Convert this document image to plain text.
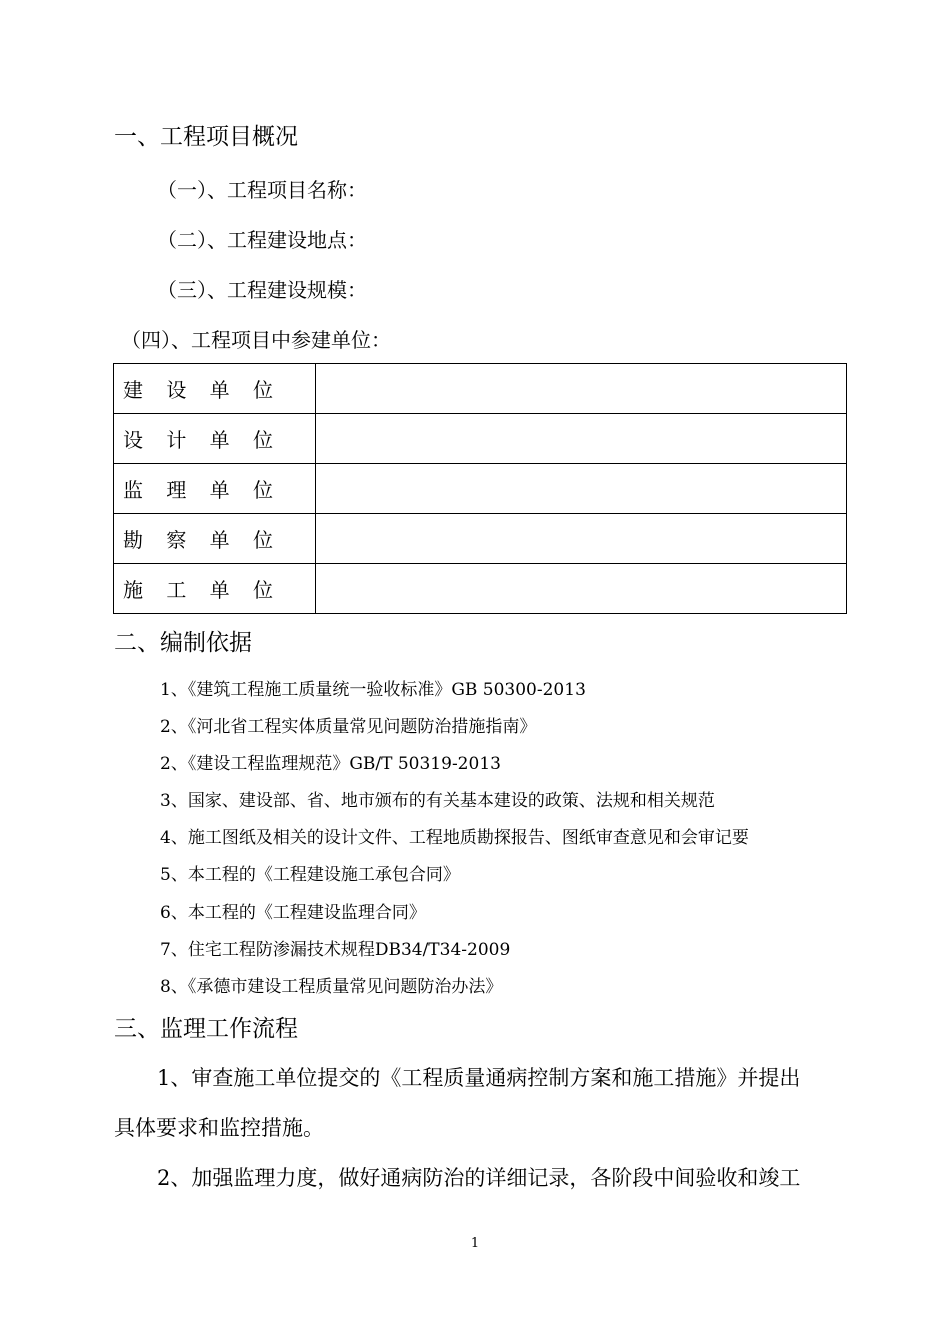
一、工程项目概况
（一）、工程项目名称：
（二）、工程建设地点：
（三）、工程建设规模：
（四）、工程项目中参建单位：
建 设 单 位	

设 计 单 位	

监 理 单 位	

勘 察 单 位	

施 工 单 位	

二、编制依据
1、《建筑工程施工质量统一验收标准》GB 50300-2013
2、《河北省工程实体质量常见问题防治措施指南》
2、《建设工程监理规范》GB/T 50319-2013
3、国家、建设部、省、地市颁布的有关基本建设的政策、法规和相关规范
4、施工图纸及相关的设计文件、工程地质勘探报告、图纸审查意见和会审记要
5、本工程的《工程建设施工承包合同》
6、本工程的《工程建设监理合同》
7、住宅工程防渗漏技术规程DB34/T34-2009
8、《承德市建设工程质量常见问题防治办法》
三、监理工作流程
1、审查施工单位提交的《工程质量通病控制方案和施工措施》并提出
具体要求和监控措施。
2、加强监理力度，做好通病防治的详细记录，各阶段中间验收和竣工
1
